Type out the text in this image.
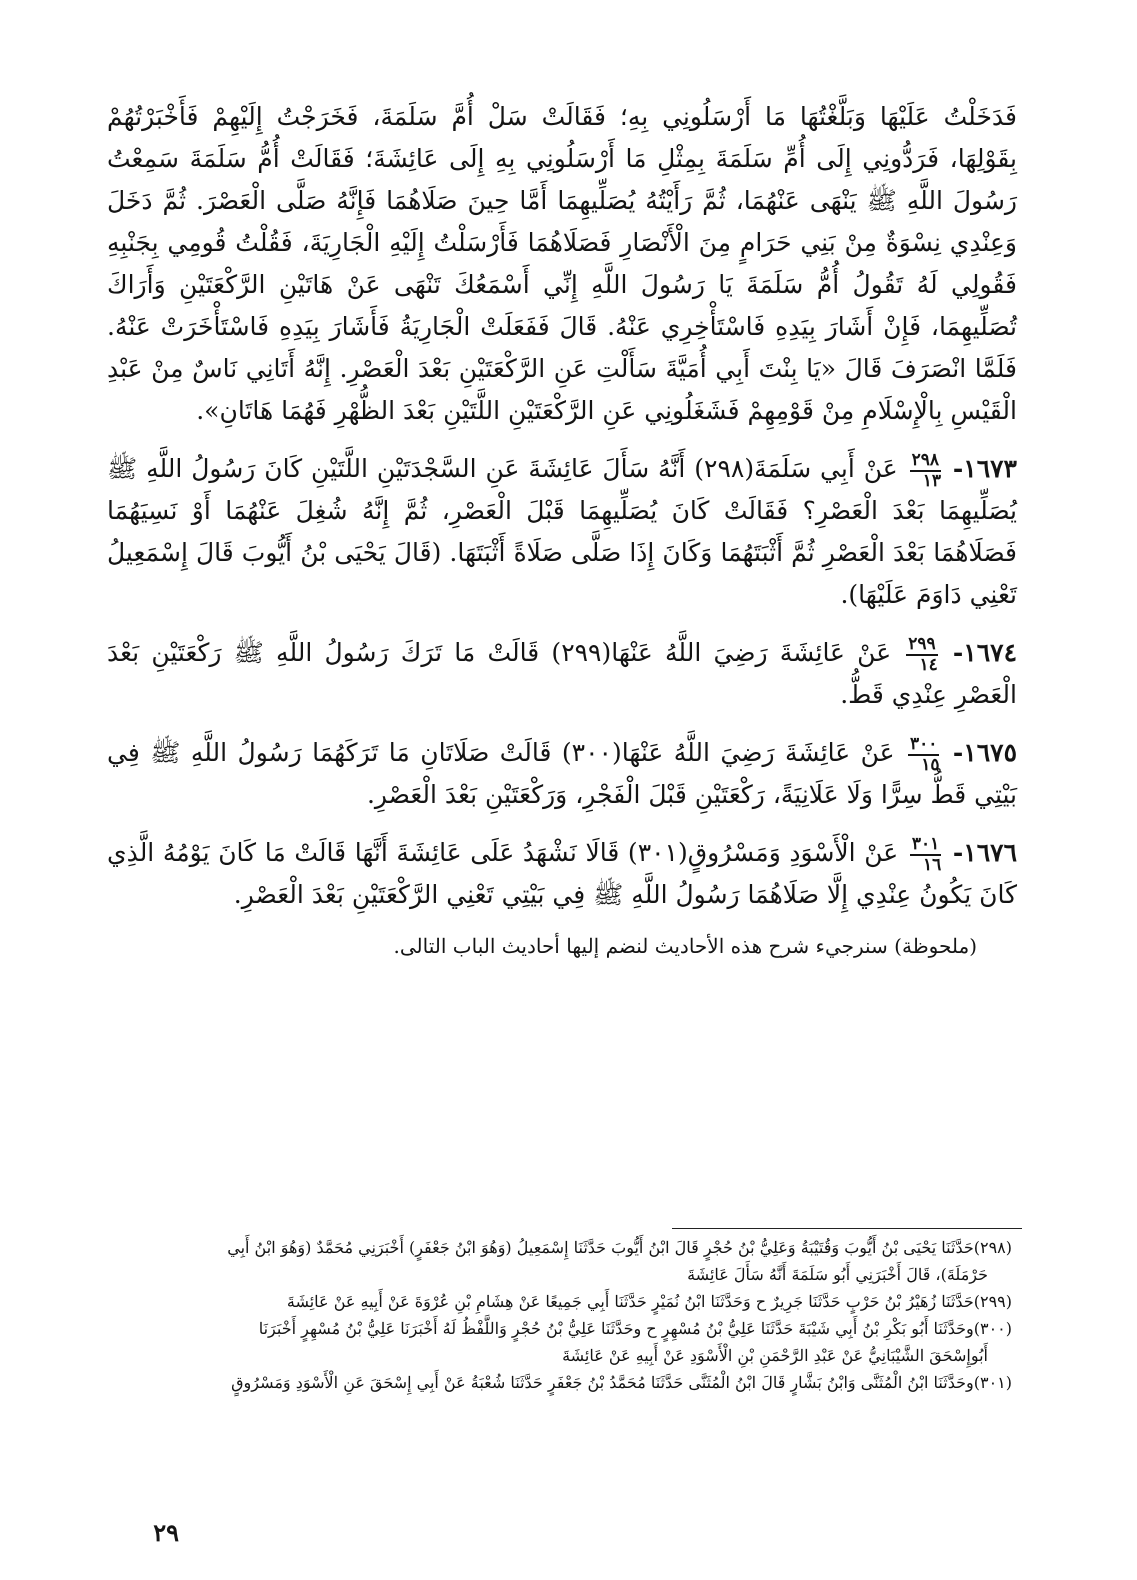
فَدَخَلْتُ عَلَيْهَا وَبَلَّغْتُهَا مَا أَرْسَلُونِي بِهِ؛ فَقَالَتْ سَلْ أُمَّ سَلَمَةَ، فَخَرَجْتُ إِلَيْهِمْ فَأَخْبَرْتُهُمْ بِقَوْلِهَا، فَرَدُّونِي إِلَى أُمِّ سَلَمَةَ بِمِثْلِ مَا أَرْسَلُونِي بِهِ إِلَى عَائِشَةَ؛ فَقَالَتْ أُمُّ سَلَمَةَ سَمِعْتُ رَسُولَ اللَّهِ ﷺ يَنْهَى عَنْهُمَا، ثُمَّ رَأَيْتُهُ يُصَلِّيهِمَا أَمَّا حِينَ صَلَاهُمَا فَإِنَّهُ صَلَّى الْعَصْرَ. ثُمَّ دَخَلَ وَعِنْدِي نِسْوَةٌ مِنْ بَنِي حَرَامٍ مِنَ الْأَنْصَارِ فَصَلَاهُمَا فَأَرْسَلْتُ إِلَيْهِ الْجَارِيَةَ، فَقُلْتُ قُومِي بِجَنْبِهِ فَقُولِي لَهُ تَقُولُ أُمُّ سَلَمَةَ يَا رَسُولَ اللَّهِ إِنِّي أَسْمَعُكَ تَنْهَى عَنْ هَاتَيْنِ الرَّكْعَتَيْنِ وَأَرَاكَ تُصَلِّيهِمَا، فَإِنْ أَشَارَ بِيَدِهِ فَاسْتَأْخِرِي عَنْهُ. قَالَ فَفَعَلَتْ الْجَارِيَةُ فَأَشَارَ بِيَدِهِ فَاسْتَأْخَرَتْ عَنْهُ. فَلَمَّا انْصَرَفَ قَالَ «يَا بِنْتَ أَبِي أُمَيَّةَ سَأَلْتِ عَنِ الرَّكْعَتَيْنِ بَعْدَ الْعَصْرِ. إِنَّهُ أَتَانِي نَاسٌ مِنْ عَبْدِ الْقَيْسِ بِالْإِسْلَامِ مِنْ قَوْمِهِمْ فَشَغَلُونِي عَنِ الرَّكْعَتَيْنِ اللَّتَيْنِ بَعْدَ الظُّهْرِ فَهُمَا هَاتَانِ».

١٦٧٣-
$\frac{٢٩٨}{١٣}$
عَنْ أَبِي سَلَمَةَ(٢٩٨) أَنَّهُ سَأَلَ عَائِشَةَ عَنِ السَّجْدَتَيْنِ اللَّتَيْنِ كَانَ رَسُولُ اللَّهِ ﷺ يُصَلِّيهِمَا بَعْدَ الْعَصْرِ؟ فَقَالَتْ كَانَ يُصَلِّيهِمَا قَبْلَ الْعَصْرِ، ثُمَّ إِنَّهُ شُغِلَ عَنْهُمَا أَوْ نَسِيَهُمَا فَصَلَاهُمَا بَعْدَ الْعَصْرِ ثُمَّ أَثْبَتَهُمَا وَكَانَ إِذَا صَلَّى صَلَاةً أَثْبَتَهَا. (قَالَ يَحْيَى بْنُ أَيُّوبَ قَالَ إِسْمَعِيلُ تَعْنِي دَاوَمَ عَلَيْهَا).

١٦٧٤-
$\frac{٢٩٩}{١٤}$
عَنْ عَائِشَةَ رَضِيَ اللَّهُ عَنْهَا(٢٩٩) قَالَتْ مَا تَرَكَ رَسُولُ اللَّهِ ﷺ رَكْعَتَيْنِ بَعْدَ الْعَصْرِ عِنْدِي قَطُّ.

١٦٧٥-
$\frac{٣٠٠}{١٥}$
عَنْ عَائِشَةَ رَضِيَ اللَّهُ عَنْهَا(٣٠٠) قَالَتْ صَلَاتَانِ مَا تَرَكَهُمَا رَسُولُ اللَّهِ ﷺ فِي بَيْتِي قَطُّ سِرًّا وَلَا عَلَانِيَةً، رَكْعَتَيْنِ قَبْلَ الْفَجْرِ، وَرَكْعَتَيْنِ بَعْدَ الْعَصْرِ.

١٦٧٦-
$\frac{٣٠١}{١٦}$
عَنْ الْأَسْوَدِ وَمَسْرُوقٍ(٣٠١) قَالَا نَشْهَدُ عَلَى عَائِشَةَ أَنَّهَا قَالَتْ مَا كَانَ يَوْمُهُ الَّذِي كَانَ يَكُونُ عِنْدِي إِلَّا صَلَاهُمَا رَسُولُ اللَّهِ ﷺ فِي بَيْتِي تَعْنِي الرَّكْعَتَيْنِ بَعْدَ الْعَصْرِ.

(ملحوظة) سنرجيء شرح هذه الأحاديث لنضم إليها أحاديث الباب التالى.

(٢٩٨)حَدَّثَنَا يَحْيَى بْنُ أَيُّوبَ وَقُتَيْبَةُ وَعَلِيُّ بْنُ حُجْرٍ قَالَ ابْنُ أَيُّوبَ حَدَّثَنَا إِسْمَعِيلُ (وَهُوَ ابْنُ جَعْفَرٍ) أَخْبَرَنِي مُحَمَّدٌ (وَهُوَ ابْنُ أَبِي
حَرْمَلَةَ)، قَالَ أَخْبَرَنِي أَبُو سَلَمَةَ أَنَّهُ سَأَلَ عَائِشَةَ

(٢٩٩)حَدَّثَنَا زُهَيْرُ بْنُ حَرْبٍ حَدَّثَنَا جَرِيرٌ ح وَحَدَّثَنَا ابْنُ نُمَيْرٍ حَدَّثَنَا أَبِي جَمِيعًا عَنْ هِشَامِ بْنِ عُرْوَةَ عَنْ أَبِيهِ عَنْ عَائِشَةَ

(٣٠٠)وحَدَّثَنَا أَبُو بَكْرِ بْنُ أَبِي شَيْبَةَ حَدَّثَنَا عَلِيُّ بْنُ مُسْهِرٍ ح وحَدَّثَنَا عَلِيُّ بْنُ حُجْرٍ وَاللَّفْظُ لَهُ أَخْبَرَنَا عَلِيُّ بْنُ مُسْهِرٍ أَخْبَرَنَا
أَبُوإِسْحَقَ الشَّيْبَانِيُّ عَنْ عَبْدِ الرَّحْمَنِ بْنِ الْأَسْوَدِ عَنْ أَبِيهِ عَنْ عَائِشَةَ

(٣٠١)وحَدَّثَنَا ابْنُ الْمُثَنَّى وَابْنُ بَشَّارٍ قَالَ ابْنُ الْمُثَنَّى حَدَّثَنَا مُحَمَّدُ بْنُ جَعْفَرٍ حَدَّثَنَا شُعْبَةُ عَنْ أَبِي إِسْحَقَ عَنِ الْأَسْوَدِ وَمَسْرُوقٍ

٢٩
